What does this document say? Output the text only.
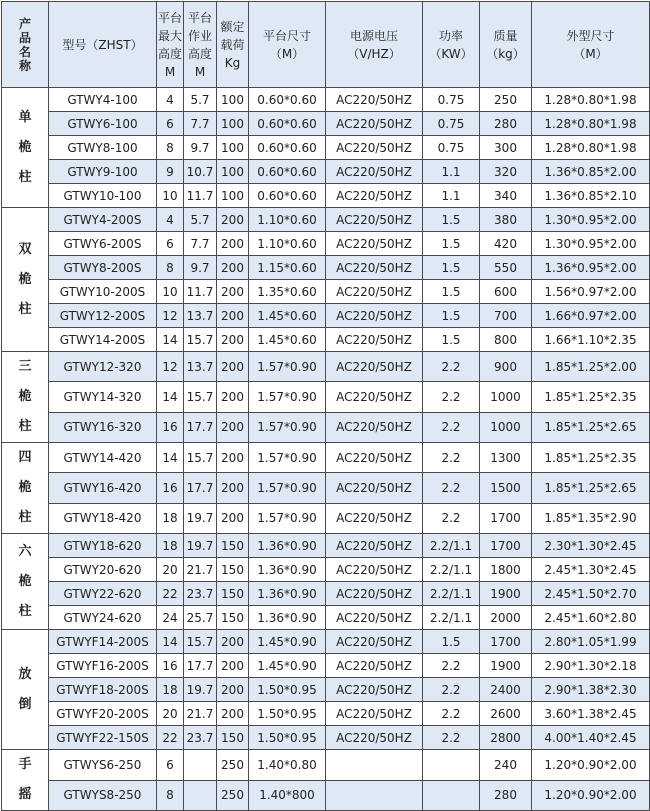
产
品
名
称	型号（ZHST）	平台
最大
高度
M	平台
作业
高度
M	额定
载荷
Kg	平台尺寸
（M）	电源电压
（V/HZ）	功率
（KW）	质量
（kg）	外型尺寸
（M）

单
桅
柱	GTWY4-100	4	5.7	100	0.60*0.60	AC220/50HZ	0.75	250	1.28*0.80*1.98
	GTWY6-100	6	7.7	100	0.60*0.60	AC220/50HZ	0.75	280	1.28*0.80*1.98
	GTWY8-100	8	9.7	100	0.60*0.60	AC220/50HZ	0.75	300	1.28*0.80*1.98
	GTWY9-100	9	10.7	100	0.60*0.60	AC220/50HZ	1.1	320	1.36*0.85*2.00
	GTWY10-100	10	11.7	100	0.60*0.60	AC220/50HZ	1.1	340	1.36*0.85*2.10

双
桅
柱	GTWY4-200S	4	5.7	200	1.10*0.60	AC220/50HZ	1.5	380	1.30*0.95*2.00
	GTWY6-200S	6	7.7	200	1.10*0.60	AC220/50HZ	1.5	420	1.30*0.95*2.00
	GTWY8-200S	8	9.7	200	1.15*0.60	AC220/50HZ	1.5	550	1.36*0.95*2.00
	GTWY10-200S	10	11.7	200	1.35*0.60	AC220/50HZ	1.5	600	1.56*0.97*2.00
	GTWY12-200S	12	13.7	200	1.45*0.60	AC220/50HZ	1.5	700	1.66*0.97*2.00
	GTWY14-200S	14	15.7	200	1.45*0.60	AC220/50HZ	1.5	800	1.66*1.10*2.35

三
桅
柱	GTWY12-320	12	13.7	200	1.57*0.90	AC220/50HZ	2.2	900	1.85*1.25*2.00
	GTWY14-320	14	15.7	200	1.57*0.90	AC220/50HZ	2.2	1000	1.85*1.25*2.35
	GTWY16-320	16	17.7	200	1.57*0.90	AC220/50HZ	2.2	1000	1.85*1.25*2.65

四
桅
柱	GTWY14-420	14	15.7	200	1.57*0.90	AC220/50HZ	2.2	1300	1.85*1.25*2.35
	GTWY16-420	16	17.7	200	1.57*0.90	AC220/50HZ	2.2	1500	1.85*1.25*2.65
	GTWY18-420	18	19.7	200	1.57*0.90	AC220/50HZ	2.2	1700	1.85*1.35*2.90

六
桅
柱	GTWY18-620	18	19.7	150	1.36*0.90	AC220/50HZ	2.2/1.1	1700	2.30*1.30*2.45
	GTWY20-620	20	21.7	150	1.36*0.90	AC220/50HZ	2.2/1.1	1800	2.45*1.30*2.45
	GTWY22-620	22	23.7	150	1.36*0.90	AC220/50HZ	2.2/1.1	1900	2.45*1.50*2.70
	GTWY24-620	24	25.7	150	1.36*0.90	AC220/50HZ	2.2/1.1	2000	2.45*1.60*2.80

放
倒	GTWYF14-200S	14	15.7	200	1.45*0.90	AC220/50HZ	1.5	1700	2.80*1.05*1.99
	GTWYF16-200S	16	17.7	200	1.45*0.90	AC220/50HZ	2.2	1900	2.90*1.30*2.18
	GTWYF18-200S	18	19.7	200	1.50*0.95	AC220/50HZ	2.2	2400	2.90*1.38*2.30
	GTWYF20-200S	20	21.7	200	1.50*0.95	AC220/50HZ	2.2	2600	3.60*1.38*2.45
	GTWYF22-150S	22	23.7	150	1.50*0.95	AC220/50HZ	2.2	2800	4.00*1.40*2.45

手
摇	GTWYS6-250	6		250	1.40*0.80			240	1.20*0.90*2.00
	GTWYS8-250	8		250	1.40*800			280	1.20*0.90*2.00
